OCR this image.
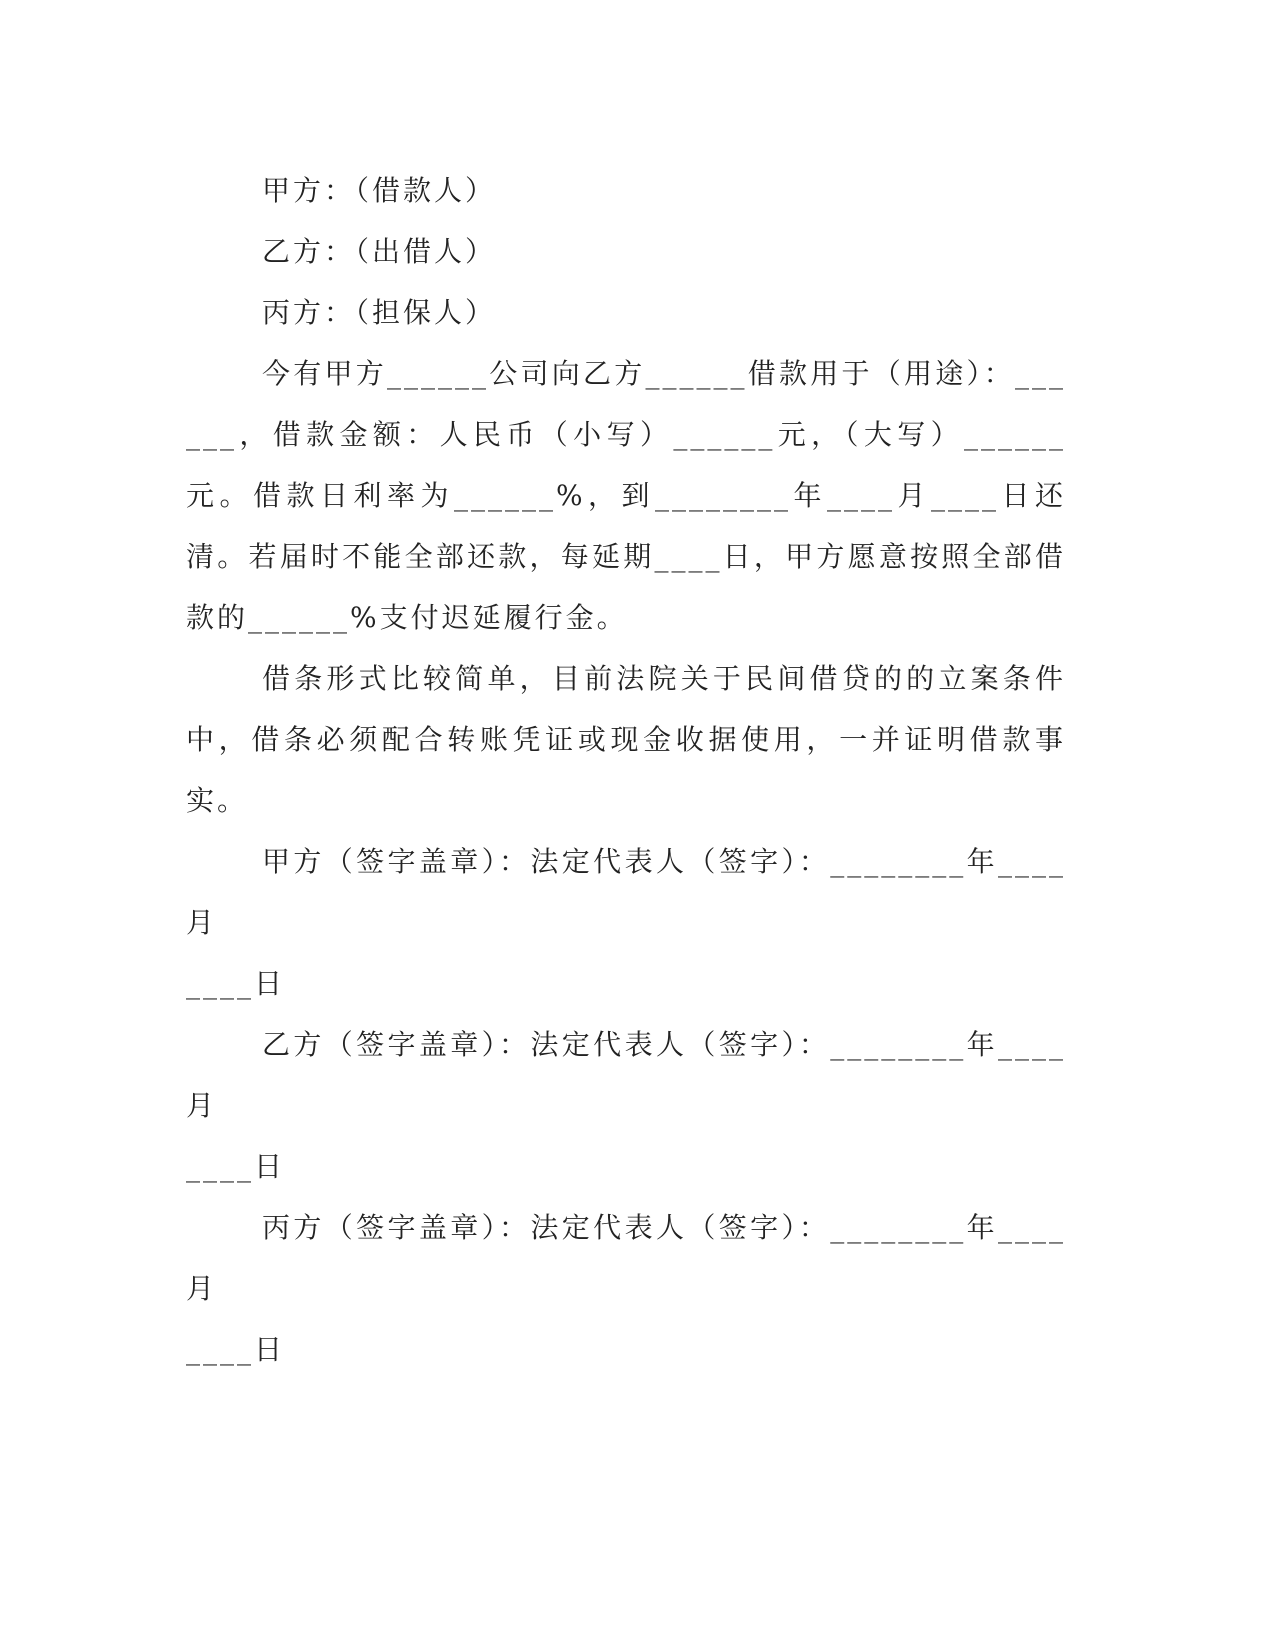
甲方：（借款人）

乙方：（出借人）

丙方：（担保人）

今有甲方______公司向乙方______借款用于（用途）：______，借款金额：人民币（小写）______元，（大写）______元。借款日利率为______%，到________年____月____日还清。若届时不能全部还款，每延期____日，甲方愿意按照全部借款的______%支付迟延履行金。

借条形式比较简单，目前法院关于民间借贷的的立案条件中，借条必须配合转账凭证或现金收据使用，一并证明借款事实。

甲方（签字盖章）：法定代表人（签字）：________年____月

____日

乙方（签字盖章）：法定代表人（签字）：________年____月

____日

丙方（签字盖章）：法定代表人（签字）：________年____月

____日
